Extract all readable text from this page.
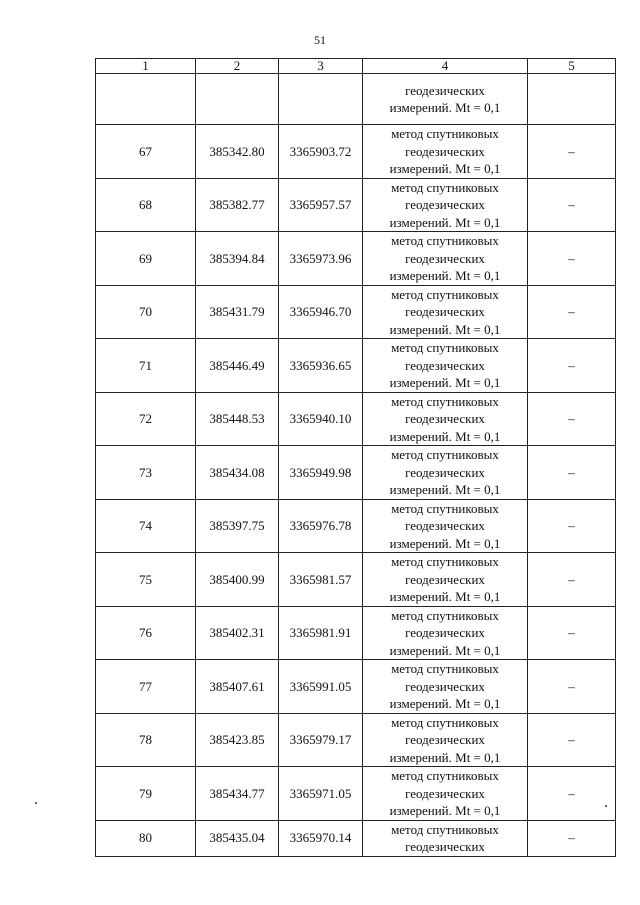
51
1	2	3	4	5

			геодезических
измерений. Mt = 0,1	

67	385342.80	3365903.72	метод спутниковых
геодезических
измерений. Mt = 0,1	–
68	385382.77	3365957.57	метод спутниковых
геодезических
измерений. Mt = 0,1	–
69	385394.84	3365973.96	метод спутниковых
геодезических
измерений. Mt = 0,1	–
70	385431.79	3365946.70	метод спутниковых
геодезических
измерений. Mt = 0,1	–
71	385446.49	3365936.65	метод спутниковых
геодезических
измерений. Mt = 0,1	–
72	385448.53	3365940.10	метод спутниковых
геодезических
измерений. Mt = 0,1	–
73	385434.08	3365949.98	метод спутниковых
геодезических
измерений. Mt = 0,1	–
74	385397.75	3365976.78	метод спутниковых
геодезических
измерений. Mt = 0,1	–
75	385400.99	3365981.57	метод спутниковых
геодезических
измерений. Mt = 0,1	–
76	385402.31	3365981.91	метод спутниковых
геодезических
измерений. Mt = 0,1	–
77	385407.61	3365991.05	метод спутниковых
геодезических
измерений. Mt = 0,1	–
78	385423.85	3365979.17	метод спутниковых
геодезических
измерений. Mt = 0,1	–
79	385434.77	3365971.05	метод спутниковых
геодезических
измерений. Mt = 0,1	–
80	385435.04	3365970.14	метод спутниковых
геодезических	–
